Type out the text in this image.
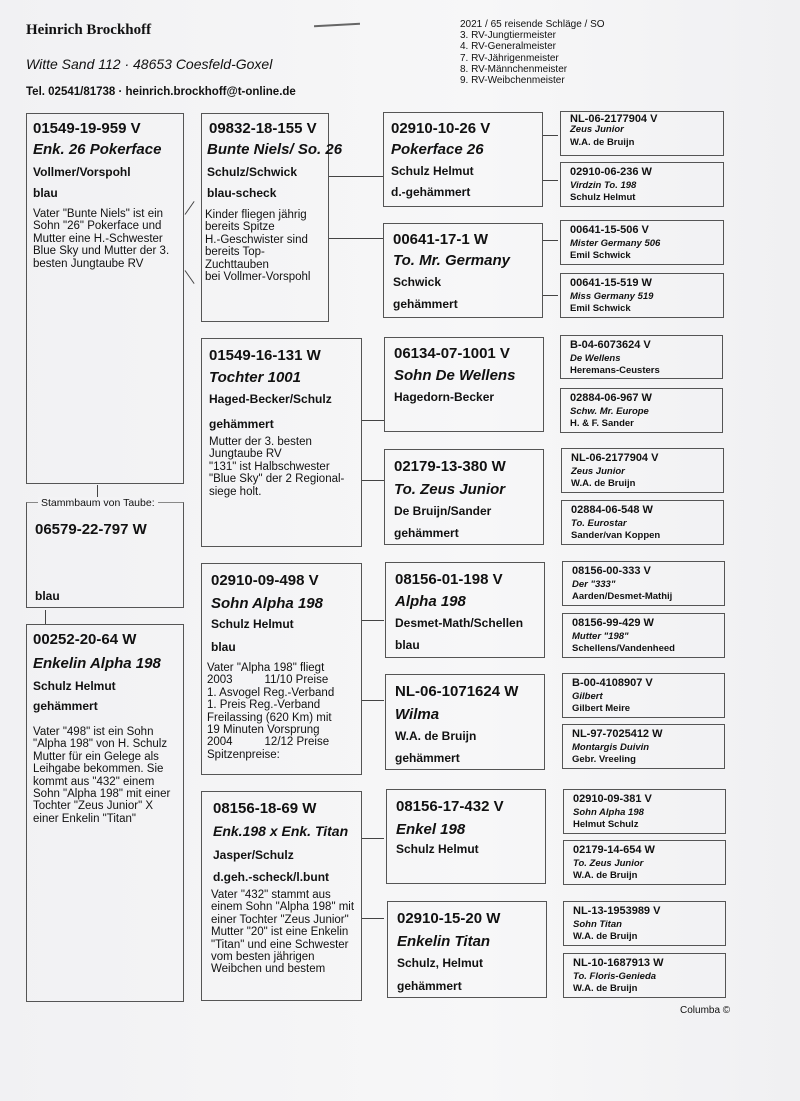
Heinrich Brockhoff
Witte Sand 112 · 48653 Coesfeld-Goxel
Tel. 02541/81738 · heinrich.brockhoff@t-online.de
2021 / 65 reisende Schläge / SO
3. RV-Jungtiermeister
4. RV-Generalmeister
7. RV-Jährigenmeister
8. RV-Männchenmeister
9. RV-Weibchenmeister
Stammbaum von Taube:
06579-22-797 W
blau
01549-19-959 V
Enk. 26 Pokerface
Vollmer/Vorspohl
blau
Vater "Bunte Niels" ist ein Sohn "26" Pokerface und Mutter eine H.-Schwester Blue Sky und Mutter der 3. besten Jungtaube RV
00252-20-64 W
Enkelin Alpha 198
Schulz Helmut
gehämmert
Vater "498" ist ein Sohn "Alpha 198" von H. Schulz Mutter für ein Gelege als Leihgabe bekommen. Sie kommt aus "432" einem Sohn "Alpha 198" mit einer Tochter "Zeus Junior" X einer Enkelin "Titan"
09832-18-155 V
Bunte Niels/ So. 26
Schulz/Schwick
blau-scheck
Kinder fliegen jährig bereits Spitze
H.-Geschwister sind bereits Top-Zuchttauben
bei Vollmer-Vorspohl
01549-16-131 W
Tochter 1001
Haged-Becker/Schulz
gehämmert
Mutter der 3. besten Jungtaube RV
"131" ist Halbschwester "Blue Sky" der 2 Regional-siege holt.
02910-09-498 V
Sohn Alpha 198
Schulz Helmut
blau
Vater "Alpha 198" fliegt
2003          11/10 Preise
1. Asvogel Reg.-Verband
1. Preis Reg.-Verband
Freilassing (620 Km) mit
19 Minuten Vorsprung
2004          12/12 Preise
Spitzenpreise:
08156-18-69 W
Enk.198 x Enk. Titan
Jasper/Schulz
d.geh.-scheck/l.bunt
Vater "432" stammt aus einem Sohn "Alpha 198" mit einer Tochter "Zeus Junior" Mutter "20" ist eine Enkelin "Titan" und eine Schwester vom besten jährigen Weibchen und bestem
02910-10-26 V
Pokerface 26
Schulz Helmut
d.-gehämmert
00641-17-1 W
To. Mr. Germany
Schwick
gehämmert
06134-07-1001 V
Sohn De Wellens
Hagedorn-Becker
02179-13-380 W
To. Zeus Junior
De Bruijn/Sander
gehämmert
08156-01-198 V
Alpha 198
Desmet-Math/Schellen
blau
NL-06-1071624 W
Wilma
W.A. de Bruijn
gehämmert
08156-17-432 V
Enkel 198
Schulz Helmut
02910-15-20 W
Enkelin Titan
Schulz, Helmut
gehämmert
NL-06-2177904 V
Zeus Junior
W.A. de Bruijn
02910-06-236 W
Virdzin To. 198
Schulz Helmut
00641-15-506 V
Mister Germany 506
Emil Schwick
00641-15-519 W
Miss Germany 519
Emil Schwick
B-04-6073624 V
De Wellens
Heremans-Ceusters
02884-06-967 W
Schw. Mr. Europe
H. & F. Sander
NL-06-2177904 V
Zeus Junior
W.A. de Bruijn
02884-06-548 W
To. Eurostar
Sander/van Koppen
08156-00-333 V
Der "333"
Aarden/Desmet-Mathij
08156-99-429 W
Mutter "198"
Schellens/Vandenheed
B-00-4108907 V
Gilbert
Gilbert Meire
NL-97-7025412 W
Montargis Duivin
Gebr. Vreeling
02910-09-381 V
Sohn Alpha 198
Helmut Schulz
02179-14-654 W
To. Zeus Junior
W.A. de Bruijn
NL-13-1953989 V
Sohn Titan
W.A. de Bruijn
NL-10-1687913 W
To. Floris-Genieda
W.A. de Bruijn
Columba ©
